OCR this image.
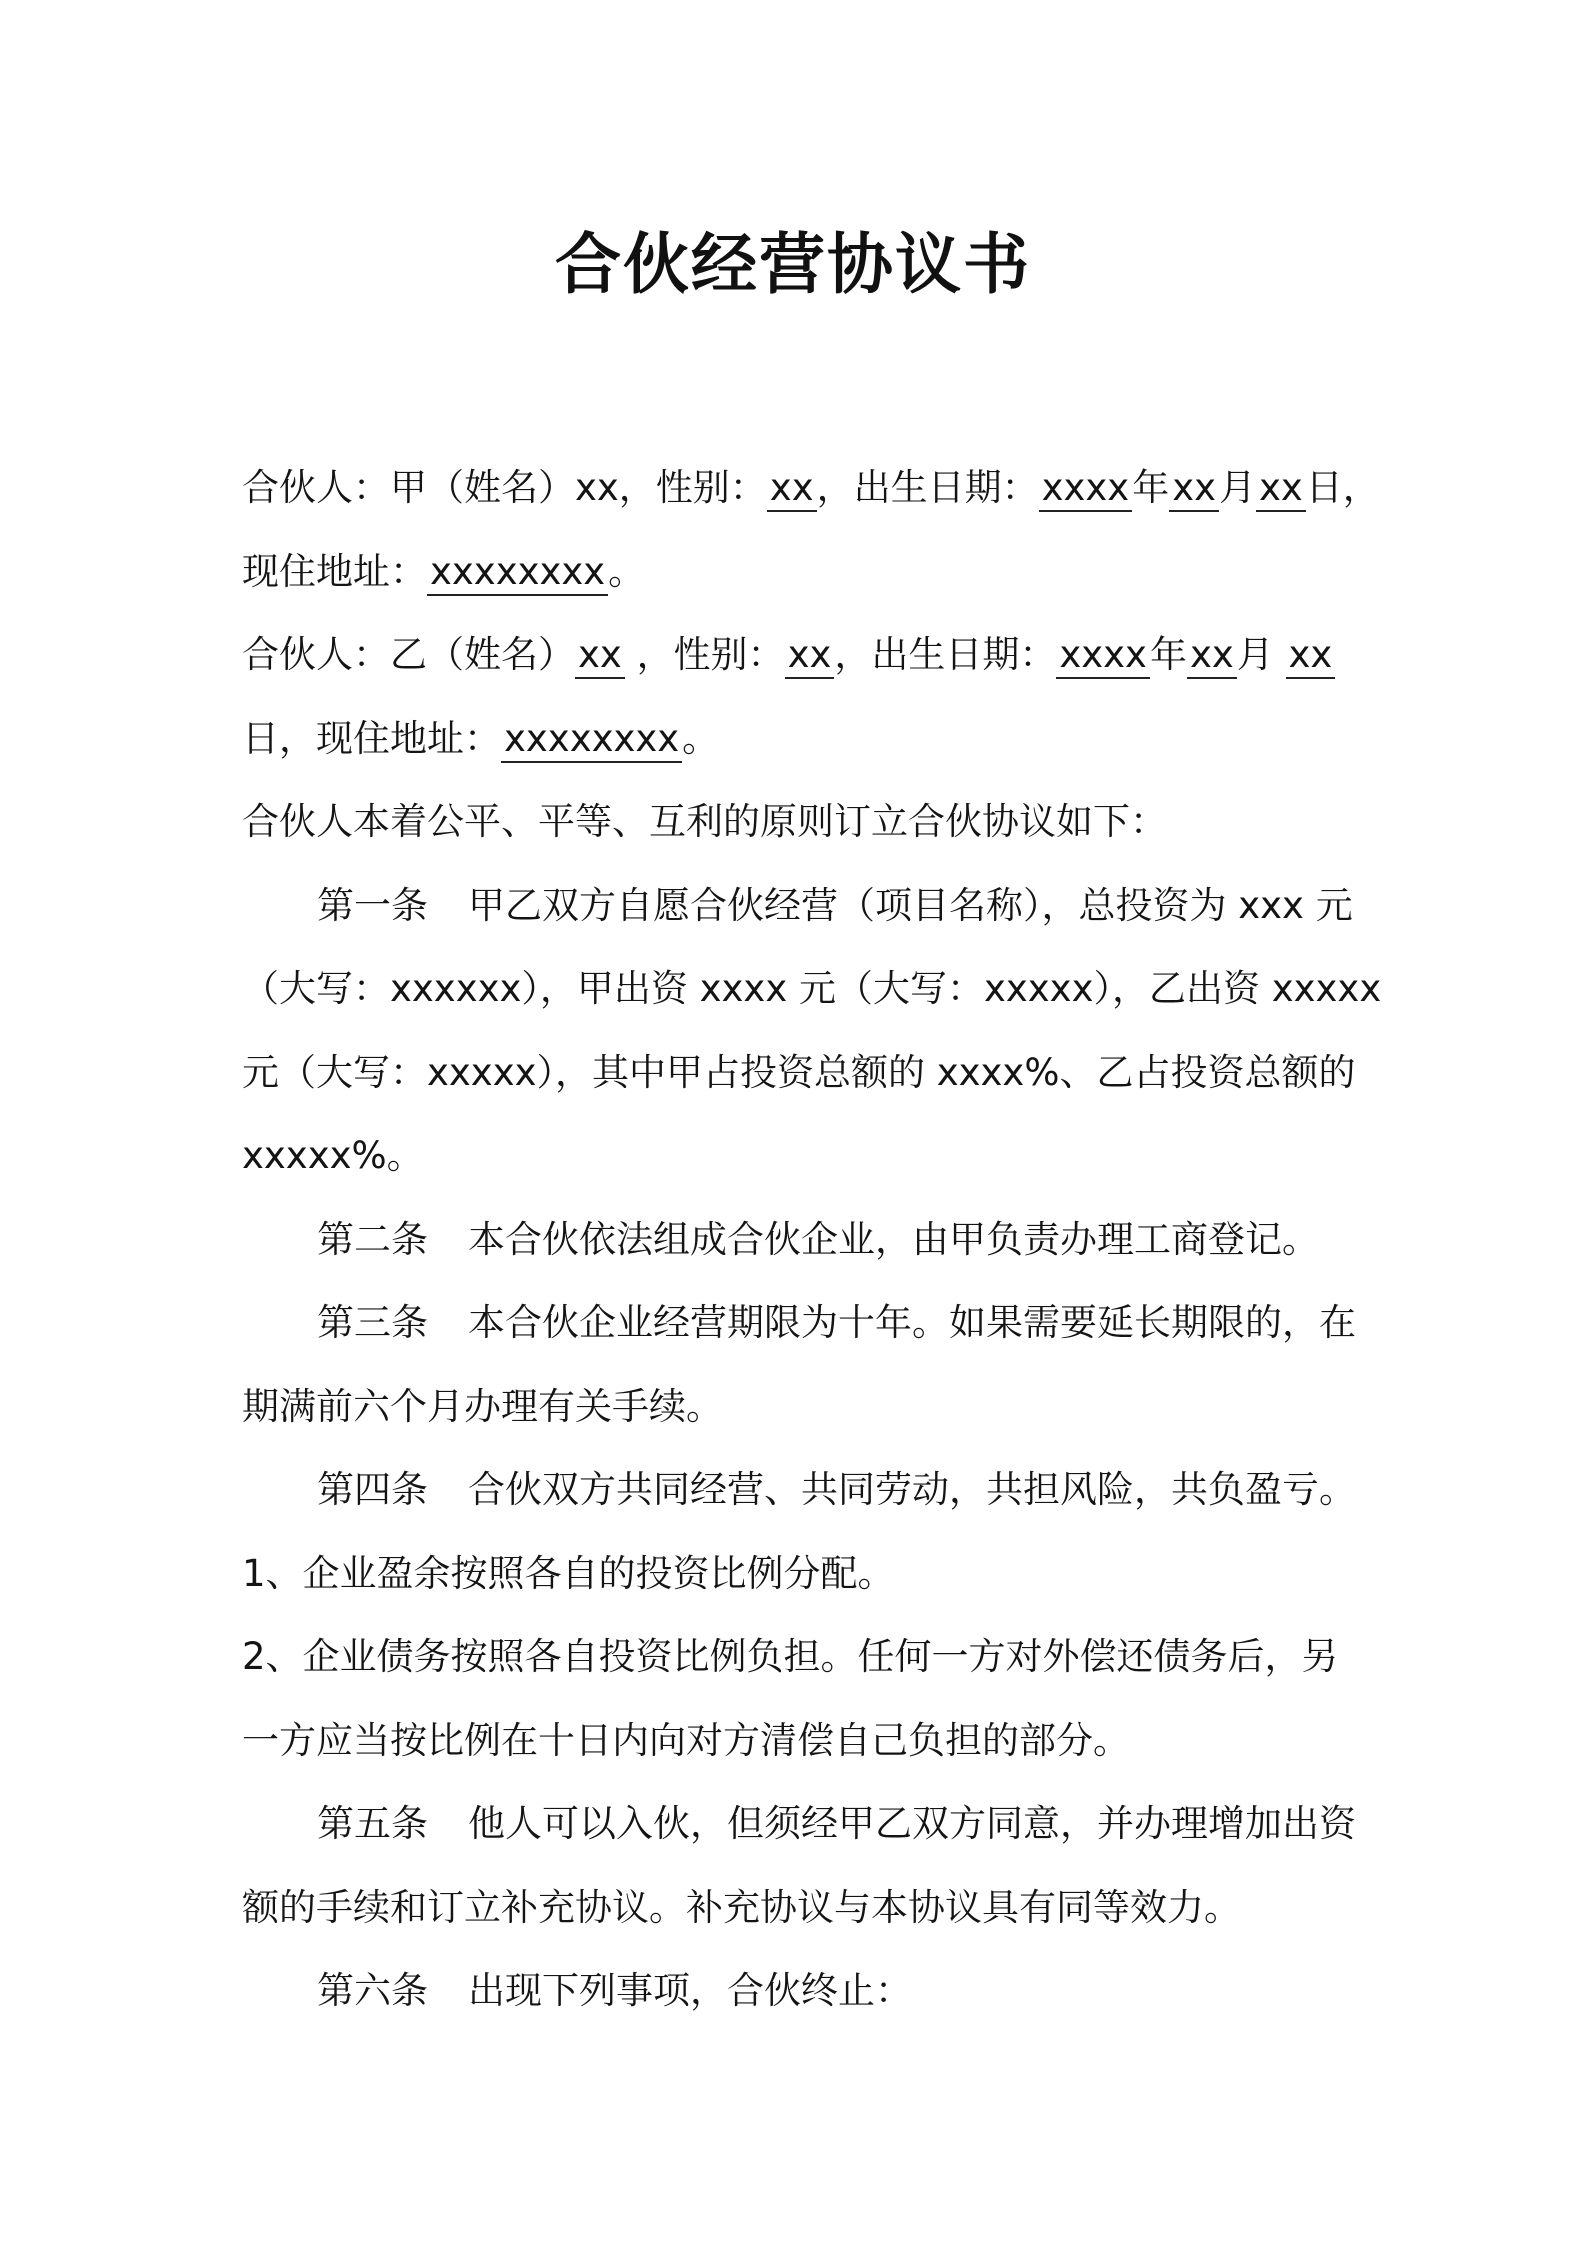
合伙经营协议书
合伙人：甲（姓名）xx，性别：xx，出生日期：xxxx年xx月xx日，
现住地址：xxxxxxxx。
合伙人：乙（姓名）xx ，性别：xx，出生日期：xxxx年xx月 xx
日，现住地址：xxxxxxxx。
合伙人本着公平、平等、互利的原则订立合伙协议如下：
第一条 甲乙双方自愿合伙经营（项目名称），总投资为 xxx 元
（大写：xxxxxx），甲出资 xxxx 元（大写：xxxxx），乙出资 xxxxx
元（大写：xxxxx），其中甲占投资总额的 xxxx%、乙占投资总额的
xxxxx%。
第二条 本合伙依法组成合伙企业，由甲负责办理工商登记。
第三条 本合伙企业经营期限为十年。如果需要延长期限的，在
期满前六个月办理有关手续。
第四条 合伙双方共同经营、共同劳动，共担风险，共负盈亏。
1、企业盈余按照各自的投资比例分配。
2、企业债务按照各自投资比例负担。任何一方对外偿还债务后，另
一方应当按比例在十日内向对方清偿自己负担的部分。
第五条 他人可以入伙，但须经甲乙双方同意，并办理增加出资
额的手续和订立补充协议。补充协议与本协议具有同等效力。
第六条 出现下列事项，合伙终止：
